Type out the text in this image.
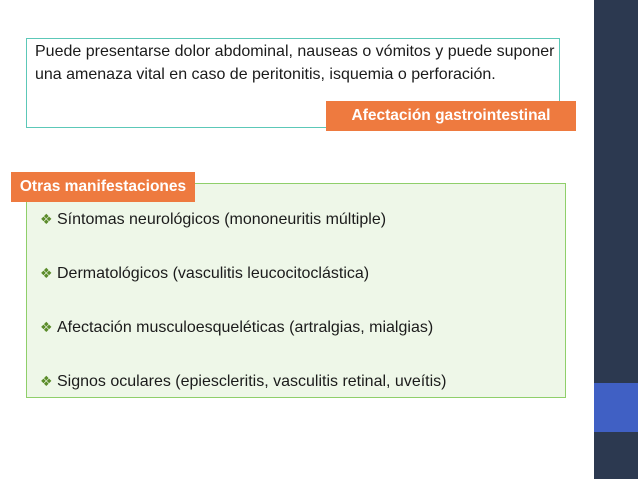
Puede presentarse dolor abdominal, nauseas o vómitos y puede suponer una amenaza vital en caso de peritonitis, isquemia o perforación.
Afectación gastrointestinal
Otras manifestaciones
❖ Síntomas neurológicos (mononeuritis múltiple)
❖ Dermatológicos (vasculitis leucocitoclástica)
❖ Afectación musculoesqueléticas (artralgias, mialgias)
❖ Signos oculares (epiescleritis, vasculitis retinal, uveítis)
